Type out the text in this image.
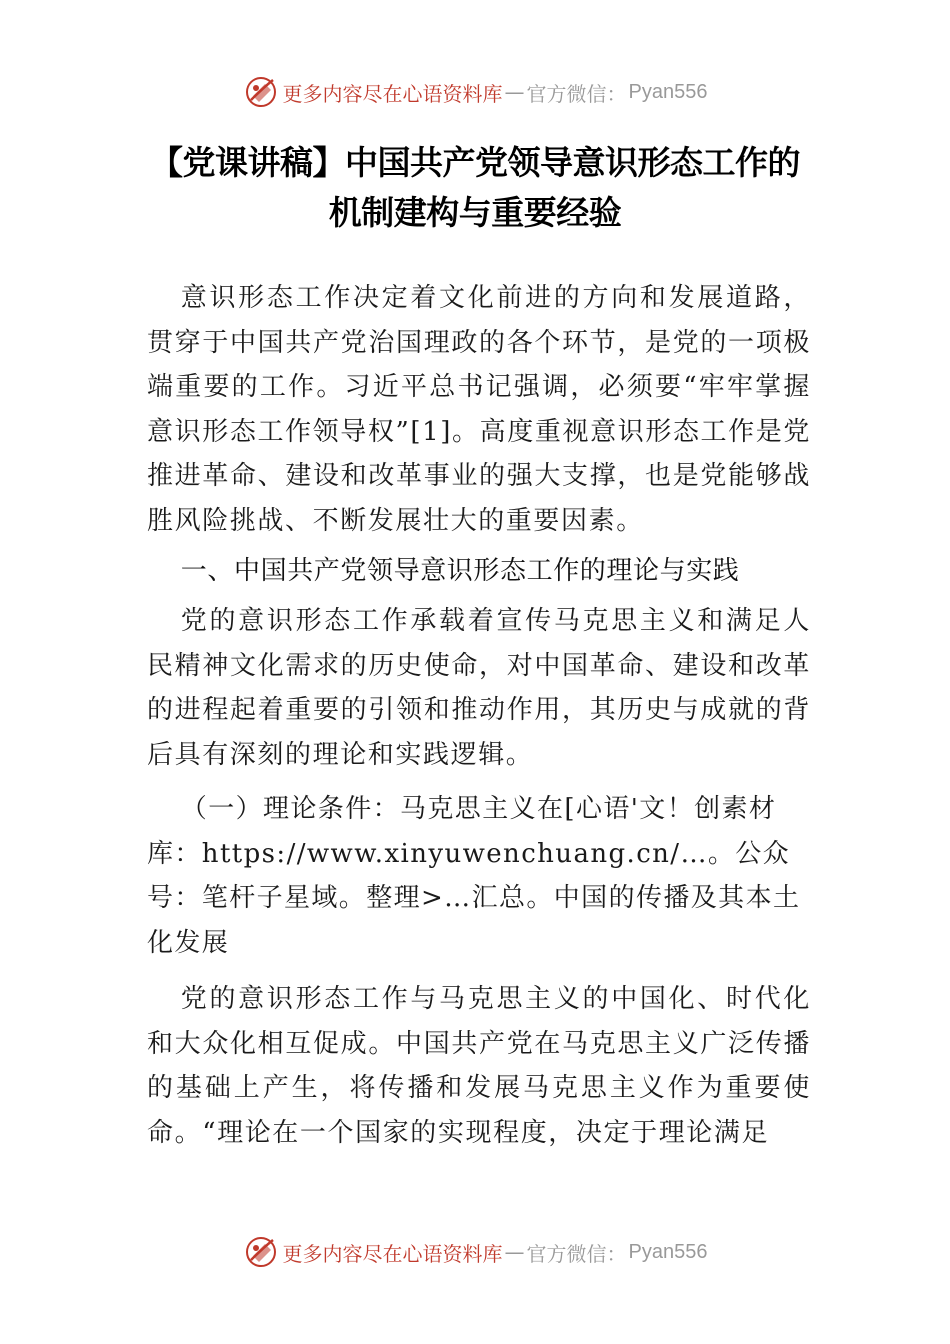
更多内容尽在心语资料库 — 官方微信： Pyan556
【党课讲稿】中国共产党领导意识形态工作的
机制建构与重要经验

意识形态工作决定着文化前进的方向和发展道路，贯穿于中国共产党治国理政的各个环节，是党的一项极端重要的工作。习近平总书记强调，必须要“牢牢掌握意识形态工作领导权”[1]。高度重视意识形态工作是党推进革命、建设和改革事业的强大支撑，也是党能够战胜风险挑战、不断发展壮大的重要因素。

一、中国共产党领导意识形态工作的理论与实践

党的意识形态工作承载着宣传马克思主义和满足人民精神文化需求的历史使命，对中国革命、建设和改革的进程起着重要的引领和推动作用，其历史与成就的背后具有深刻的理论和实践逻辑。

（一）理论条件：马克思主义在[心语'文！创素材库：https://www.xinyuwenchuang.cn/…。公众号：笔杆子星域。整理>…汇总。中国的传播及其本土化发展

党的意识形态工作与马克思主义的中国化、时代化和大众化相互促成。中国共产党在马克思主义广泛传播的基础上产生，将传播和发展马克思主义作为重要使命。“理论在一个国家的实现程度，决定于理论满足

更多内容尽在心语资料库 — 官方微信： Pyan556
